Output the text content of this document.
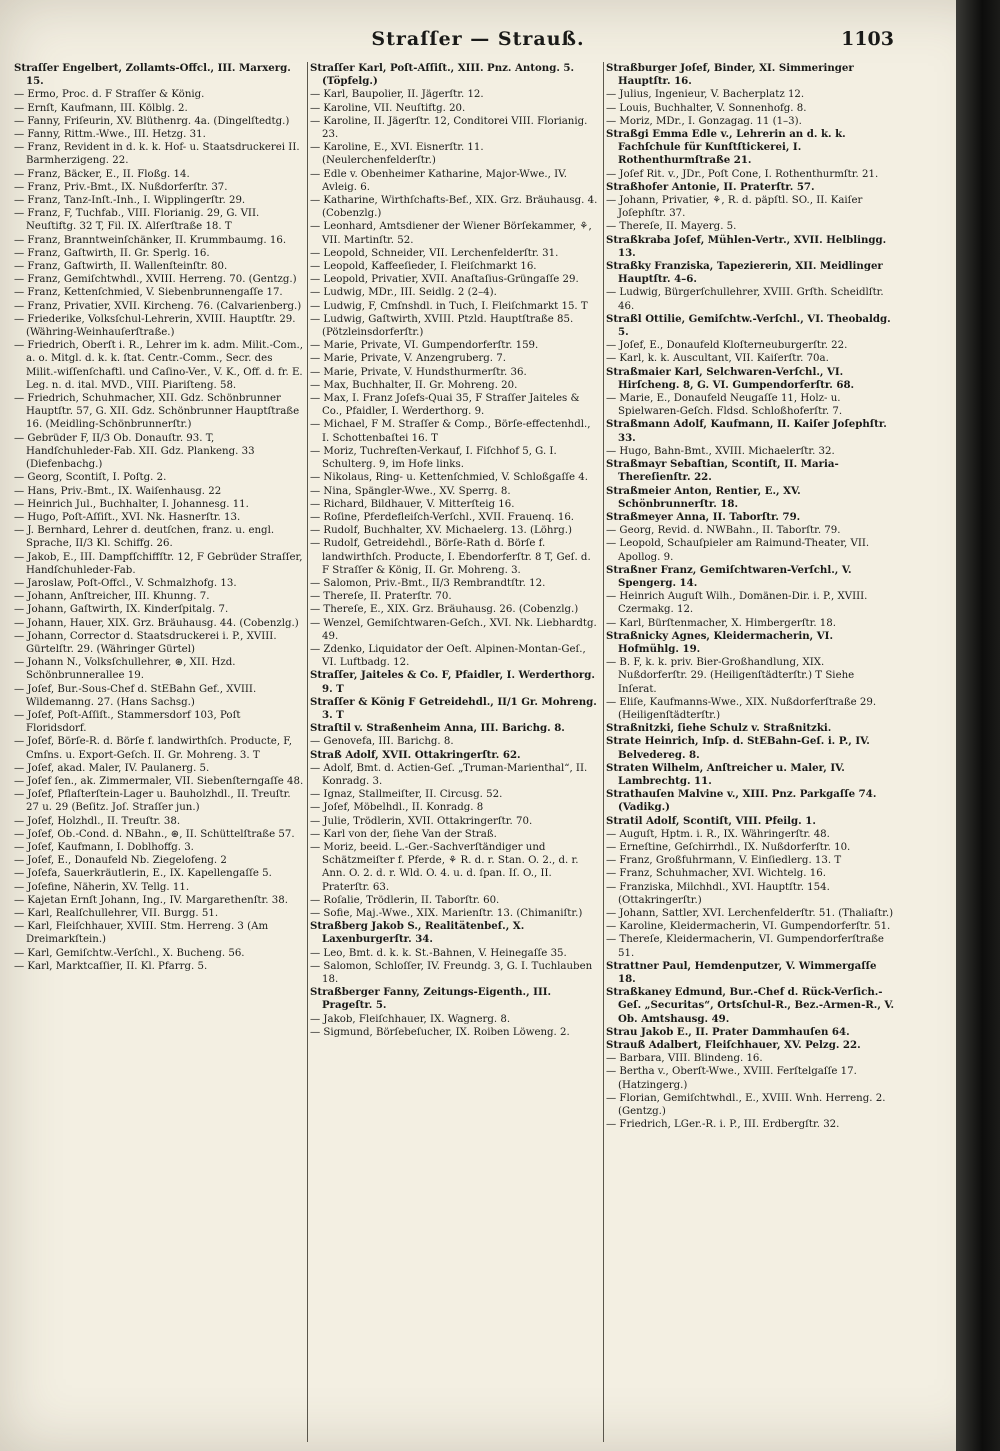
Straſſer — Strauß.	1103

Straſſer Engelbert, Zollamts-Offcl., III. Marxerg. 15.

— Ermo, Proc. d. F Straſſer & König.

— Ernſt, Kaufmann, III. Kölblg. 2.

— Fanny, Friſeurin, XV. Blüthenrg. 4a. (Dingelſtedtg.)

— Fanny, Rittm.-Wwe., III. Hetzg. 31.

— Franz, Revident in d. k. k. Hof- u. Staatsdruckerei II. Barmherzigeng. 22.

— Franz, Bäcker, E., II. Floßg. 14.

— Franz, Priv.-Bmt., IX. Nußdorferſtr. 37.

— Franz, Tanz-Inſt.-Inh., I. Wipplingerſtr. 29.

— Franz, F, Tuchfab., VIII. Florianig. 29, G. VII. Neuſtiftg. 32 T, Fil. IX. Alſerſtraße 18. T

— Franz, Branntweinſchänker, II. Krummbaumg. 16.

— Franz, Gaſtwirth, II. Gr. Sperlg. 16.

— Franz, Gaſtwirth, II. Wallenſteinſtr. 80.

— Franz, Gemiſchtwhdl., XVIII. Herreng. 70. (Gentzg.)

— Franz, Kettenſchmied, V. Siebenbrunnengaſſe 17.

— Franz, Privatier, XVII. Kircheng. 76. (Calvarienberg.)

— Friederike, Volksſchul-Lehrerin, XVIII. Hauptſtr. 29. (Währing-Weinhauſerſtraße.)

— Friedrich, Oberſt i. R., Lehrer im k. adm. Milit.-Com., a. o. Mitgl. d. k. k. ſtat. Centr.-Comm., Secr. des Milit.-wiſſenſchaftl. und Caſino-Ver., V. K., Off. d. fr. E. Leg. n. d. ital. MVD., VIII. Piariſteng. 58.

— Friedrich, Schuhmacher, XII. Gdz. Schönbrunner Hauptſtr. 57, G. XII. Gdz. Schönbrunner Hauptſtraße 16. (Meidling-Schönbrunnerſtr.)

— Gebrüder F, II/3 Ob. Donauſtr. 93. T, Handſchuhleder-Fab. XII. Gdz. Plankeng. 33 (Diefenbachg.)

— Georg, Scontiſt, I. Poſtg. 2.

— Hans, Priv.-Bmt., IX. Waiſenhausg. 22

— Heinrich Jul., Buchhalter, I. Johannesg. 11.

— Hugo, Poſt-Aſſiſt., XVI. Nk. Hasnerſtr. 13.

— J. Bernhard, Lehrer d. deutſchen, franz. u. engl. Sprache, II/3 Kl. Schiffg. 26.

— Jakob, E., III. Dampfſchiffſtr. 12, F Gebrüder Straſſer, Handſchuhleder-Fab.

— Jaroslaw, Poſt-Offcl., V. Schmalzhofg. 13.

— Johann, Anſtreicher, III. Khunng. 7.

— Johann, Gaſtwirth, IX. Kinderſpitalg. 7.

— Johann, Hauer, XIX. Grz. Bräuhausg. 44. (Cobenzlg.)

— Johann, Corrector d. Staatsdruckerei i. P., XVIII. Gürtelſtr. 29. (Währinger Gürtel)

— Johann N., Volksſchullehrer, ⊛, XII. Hzd. Schönbrunnerallee 19.

— Joſef, Bur.-Sous-Chef d. StEBahn Gef., XVIII. Wildemanng. 27. (Hans Sachsg.)

— Joſef, Poſt-Aſſiſt., Stammersdorf 103, Poſt Floridsdorf.

— Joſef, Börſe-R. d. Börſe f. landwirthſch. Producte, F, Cmſns. u. Export-Geſch. II. Gr. Mohreng. 3. T

— Joſef, akad. Maler, IV. Paulanerg. 5.

— Joſef ſen., ak. Zimmermaler, VII. Siebenſterngaſſe 48.

— Joſef, Pflaſterſtein-Lager u. Bauholzhdl., II. Treuſtr. 27 u. 29 (Beſitz. Joſ. Straſſer jun.)

— Joſef, Holzhdl., II. Treuſtr. 38.

— Joſef, Ob.-Cond. d. NBahn., ⊛, II. Schüttelſtraße 57.

— Joſef, Kaufmann, I. Doblhoffg. 3.

— Joſef, E., Donaufeld Nb. Ziegelofeng. 2

— Joſefa, Sauerkräutlerin, E., IX. Kapellengaſſe 5.

— Joſefine, Näherin, XV. Tellg. 11.

— Kajetan Ernſt Johann, Ing., IV. Margarethenſtr. 38.

— Karl, Realſchullehrer, VII. Burgg. 51.

— Karl, Fleiſchhauer, XVIII. Stm. Herreng. 3 (Am Dreimarkſtein.)

— Karl, Gemiſchtw.-Verſchl., X. Bucheng. 56.

— Karl, Marktcaſſier, II. Kl. Pfarrg. 5.

Straſſer Karl, Poſt-Aſſiſt., XIII. Pnz. Antong. 5. (Töpfelg.)

— Karl, Baupolier, II. Jägerſtr. 12.

— Karoline, VII. Neuſtiftg. 20.

— Karoline, II. Jägerſtr. 12, Conditorei VIII. Florianig. 23.

— Karoline, E., XVI. Eisnerſtr. 11. (Neulerchenfelderſtr.)

— Edle v. Obenheimer Katharine, Major-Wwe., IV. Avleig. 6.

— Katharine, Wirthſchafts-Bef., XIX. Grz. Bräuhausg. 4. (Cobenzlg.)

— Leonhard, Amtsdiener der Wiener Börſekammer, ⚘, VII. Martinſtr. 52.

— Leopold, Schneider, VII. Lerchenfelderſtr. 31.

— Leopold, Kaffeeſieder, I. Fleiſchmarkt 16.

— Leopold, Privatier, XVII. Anaſtaſius-Grüngaſſe 29.

— Ludwig, MDr., III. Seidlg. 2 (2–4).

— Ludwig, F, Cmſnshdl. in Tuch, I. Fleiſchmarkt 15. T

— Ludwig, Gaſtwirth, XVIII. Ptzld. Hauptſtraße 85. (Pötzleinsdorferſtr.)

— Marie, Private, VI. Gumpendorferſtr. 159.

— Marie, Private, V. Anzengruberg. 7.

— Marie, Private, V. Hundsthurmerſtr. 36.

— Max, Buchhalter, II. Gr. Mohreng. 20.

— Max, I. Franz Joſefs-Quai 35, F Straſſer Jaiteles & Co., Pfaidler, I. Werderthorg. 9.

— Michael, F M. Straſſer & Comp., Börſe-effectenhdl., I. Schottenbaſtei 16. T

— Moriz, Tuchreſten-Verkauf, I. Fiſchhof 5, G. I. Schulterg. 9, im Hofe links.

— Nikolaus, Ring- u. Kettenſchmied, V. Schloßgaſſe 4.

— Nina, Spängler-Wwe., XV. Sperrg. 8.

— Richard, Bildhauer, V. Mitterſteig 16.

— Roſine, Pferdefleiſch-Verſchl., XVII. Frauenq. 16.

— Rudolf, Buchhalter, XV. Michaelerg. 13. (Löhrg.)

— Rudolf, Getreidehdl., Börſe-Rath d. Börſe f. landwirthſch. Producte, I. Ebendorferſtr. 8 T, Geſ. d. F Straſſer & König, II. Gr. Mohreng. 3.

— Salomon, Priv.-Bmt., II/3 Rembrandtſtr. 12.

— Thereſe, II. Praterſtr. 70.

— Thereſe, E., XIX. Grz. Bräuhausg. 26. (Cobenzlg.)

— Wenzel, Gemiſchtwaren-Geſch., XVI. Nk. Liebhardtg. 49.

— Zdenko, Liquidator der Oeſt. Alpinen-Montan-Geſ., VI. Luftbadg. 12.

Straſſer, Jaiteles & Co. F, Pfaidler, I. Werderthorg. 9. T

Straſſer & König F Getreidehdl., II/1 Gr. Mohreng. 3. T

Straſtil v. Straßenheim Anna, III. Barichg. 8.

— Genovefa, III. Barichg. 8.

Straß Adolf, XVII. Ottakringerſtr. 62.

— Adolf, Bmt. d. Actien-Geſ. „Truman-Marienthal“, II. Konradg. 3.

— Ignaz, Stallmeiſter, II. Circusg. 52.

— Joſef, Möbelhdl., II. Konradg. 8

— Julie, Trödlerin, XVII. Ottakringerſtr. 70.

— Karl von der, ſiehe Van der Straß.

— Moriz, beeid. L.-Ger.-Sachverſtändiger und Schätzmeiſter f. Pferde, ⚘ R. d. r. Stan. O. 2., d. r. Ann. O. 2. d. r. Wld. O. 4. u. d. ſpan. Iſ. O., II. Praterſtr. 63.

— Roſalie, Trödlerin, II. Taborſtr. 60.

— Sofie, Maj.-Wwe., XIX. Marienſtr. 13. (Chimaniſtr.)

Straßberg Jakob S., Realitätenbeſ., X. Laxenburgerſtr. 34.

— Leo, Bmt. d. k. k. St.-Bahnen, V. Heinegaſſe 35.

— Salomon, Schloſſer, IV. Freundg. 3, G. I. Tuchlauben 18.

Straßberger Fanny, Zeitungs-Eigenth., III. Prageſtr. 5.

— Jakob, Fleiſchhauer, IX. Wagnerg. 8.

— Sigmund, Börſebeſucher, IX. Roiben Löweng. 2.

Straßburger Joſef, Binder, XI. Simmeringer Hauptſtr. 16.

— Julius, Ingenieur, V. Bacherplatz 12.

— Louis, Buchhalter, V. Sonnenhofg. 8.

— Moriz, MDr., I. Gonzagag. 11 (1–3).

Straßgi Emma Edle v., Lehrerin an d. k. k. Fachſchule für Kunſtſtickerei, I. Rothenthurmſtraße 21.

— Joſef Rit. v., JDr., Poſt Cone, I. Rothenthurmſtr. 21.

Straßhofer Antonie, II. Praterſtr. 57.

— Johann, Privatier, ⚘, R. d. päpſtl. SO., II. Kaiſer Joſephſtr. 37.

— Thereſe, II. Mayerg. 5.

Straßkraba Joſef, Mühlen-Vertr., XVII. Helblingg. 13.

Straßky Franziska, Tapeziererin, XII. Meidlinger Hauptſtr. 4–6.

— Ludwig, Bürgerſchullehrer, XVIII. Grſth. Scheidlſtr. 46.

Straßl Ottilie, Gemiſchtw.-Verſchl., VI. Theobaldg. 5.

— Joſef, E., Donaufeld Kloſterneuburgerſtr. 22.

— Karl, k. k. Auscultant, VII. Kaiſerſtr. 70a.

Straßmaier Karl, Selchwaren-Verſchl., VI. Hirſcheng. 8, G. VI. Gumpendorferſtr. 68.

— Marie, E., Donaufeld Neugaſſe 11, Holz- u. Spielwaren-Geſch. Fldsd. Schloßhoferſtr. 7.

Straßmann Adolf, Kaufmann, II. Kaiſer Joſephſtr. 33.

— Hugo, Bahn-Bmt., XVIII. Michaelerſtr. 32.

Straßmayr Sebaſtian, Scontiſt, II. Maria-Thereſienſtr. 22.

Straßmeier Anton, Rentier, E., XV. Schönbrunnerſtr. 18.

Straßmeyer Anna, II. Taborſtr. 79.

— Georg, Revid. d. NWBahn., II. Taborſtr. 79.

— Leopold, Schauſpieler am Raimund-Theater, VII. Apollog. 9.

Straßner Franz, Gemiſchtwaren-Verſchl., V. Spengerg. 14.

— Heinrich Auguſt Wilh., Domänen-Dir. i. P., XVIII. Czermakg. 12.

— Karl, Bürſtenmacher, X. Himbergerſtr. 18.

Straßnicky Agnes, Kleidermacherin, VI. Hofmühlg. 19.

— B. F, k. k. priv. Bier-Großhandlung, XIX. Nußdorferſtr. 29. (Heiligenſtädterſtr.) T Siehe Inſerat.

— Eliſe, Kaufmanns-Wwe., XIX. Nußdorferſtraße 29. (Heiligenſtädterſtr.)

Straßnitzki, ſiehe Schulz v. Straßnitzki.

Strate Heinrich, Inſp. d. StEBahn-Geſ. i. P., IV. Belvedereg. 8.

Straten Wilhelm, Anſtreicher u. Maler, IV. Lambrechtg. 11.

Strathauſen Malvine v., XIII. Pnz. Parkgaſſe 74. (Vadikg.)

Stratil Adolf, Scontiſt, VIII. Pfeilg. 1.

— Auguſt, Hptm. i. R., IX. Währingerſtr. 48.

— Erneſtine, Geſchirrhdl., IX. Nußdorferſtr. 10.

— Franz, Großfuhrmann, V. Einſiedlerg. 13. T

— Franz, Schuhmacher, XVI. Wichtelg. 16.

— Franziska, Milchhdl., XVI. Hauptſtr. 154. (Ottakringerſtr.)

— Johann, Sattler, XVI. Lerchenfelderſtr. 51. (Thaliaſtr.)

— Karoline, Kleidermacherin, VI. Gumpendorferſtr. 51.

— Thereſe, Kleidermacherin, VI. Gumpendorferſtraße 51.

Strattner Paul, Hemdenputzer, V. Wimmergaſſe 18.

Straßkaney Edmund, Bur.-Chef d. Rück-Verſich.-Geſ. „Securitas“, Ortsſchul-R., Bez.-Armen-R., V. Ob. Amtshausg. 49.

Strau Jakob E., II. Prater Dammhauſen 64.

Strauß Adalbert, Fleiſchhauer, XV. Pelzg. 22.

— Barbara, VIII. Blindeng. 16.

— Bertha v., Oberſt-Wwe., XVIII. Ferſtelgaſſe 17. (Hatzingerg.)

— Florian, Gemiſchtwhdl., E., XVIII. Wnh. Herreng. 2. (Gentzg.)

— Friedrich, LGer.-R. i. P., III. Erdbergſtr. 32.
